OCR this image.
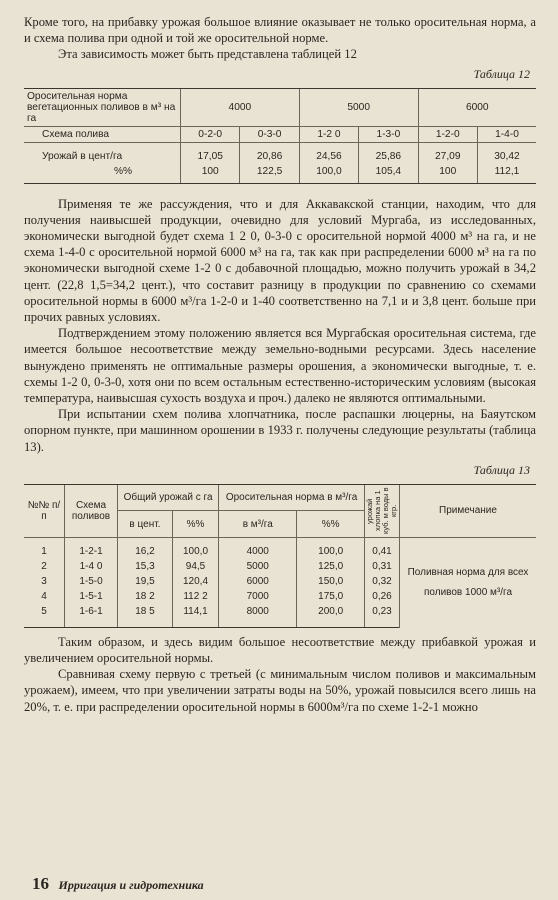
Кроме того, на прибавку урожая большое влияние оказывает не только оросительная норма, а и схема полива при одной и той же оросительной норме.

Эта зависимость может быть представлена таблицей 12

Таблица 12
Оросительная норма вегетационных поливов в м³ на га	4000		5000		6000	
Схема полива	0-2-0	0-3-0	1-2 0	1-3-0	1-2-0	1-4-0
Урожай в цент/га	17,05	20,86	24,56	25,86	27,09	30,42
%%	100	122,5	100,0	105,4	100	112,1

Применяя те же рассуждения, что и для Аккавакской станции, находим, что для получения наивысшей продукции, очевидно для условий Мургаба, из исследованных, экономически выгодной будет схема 1 2 0, 0-3-0 с оросительной нормой 4000 м³ на га, и не схема 1-4-0 с оросительной нормой 6000 м³ на га, так как при распределении 6000 м³ на га по экономически выгодной схеме 1-2 0 с добавочной площадью, можно получить урожай в 34,2 цент. (22,8 1,5=34,2 цент.), что составит разницу в продукции по сравнению со схемами оросительной нормы в 6000 м³/га 1-2-0 и 1-40 соответственно на 7,1 и и 3,8 цент. больше при прочих равных условиях.

Подтверждением этому положению является вся Мургабская оросительная система, где имеется большое несоответствие между земельно-водными ресурсами. Здесь население вынуждено применять не оптимальные размеры орошения, а экономически выгодные, т. е. схемы 1-2 0, 0-3-0, хотя они по всем остальным естественно-историческим условиям (высокая температура, наивысшая сухость воздуха и проч.) далеко не являются оптимальными.

При испытании схем полива хлопчатника, после распашки люцерны, на Баяутском опорном пункте, при машинном орошении в 1933 г. получены следующие результаты (таблица 13).

Таблица 13
№№ п/п	Схема поливов	Общий урожай с га		Оросительная норма в м³/га		урожай хлопка на 1 куб. м воды в кгр.	Примечание
		в цент.	%%	в м³/га	%%		
1	1-2-1	16,2	100,0	4000	100,0	0,41	Поливная норма для всех поливов 1000 м³/га
2	1-4 0	15,3	94,5	5000	125,0	0,31	
3	1-5-0	19,5	120,4	6000	150,0	0,32	
4	1-5-1	18 2	112 2	7000	175,0	0,26	
5	1-6-1	18 5	114,1	8000	200,0	0,23	

Таким образом, и здесь видим большое несоответствие между прибавкой урожая и увеличением оросительной нормы.

Сравнивая схему первую с третьей (с минимальным числом поливов и максимальным урожаем), имеем, что при увеличении затраты воды на 50%, урожай повысился всего лишь на 20%, т. е. при распределении оросительной нормы в 6000м³/га по схеме 1-2-1 можно

16 Ирригация и гидротехника
